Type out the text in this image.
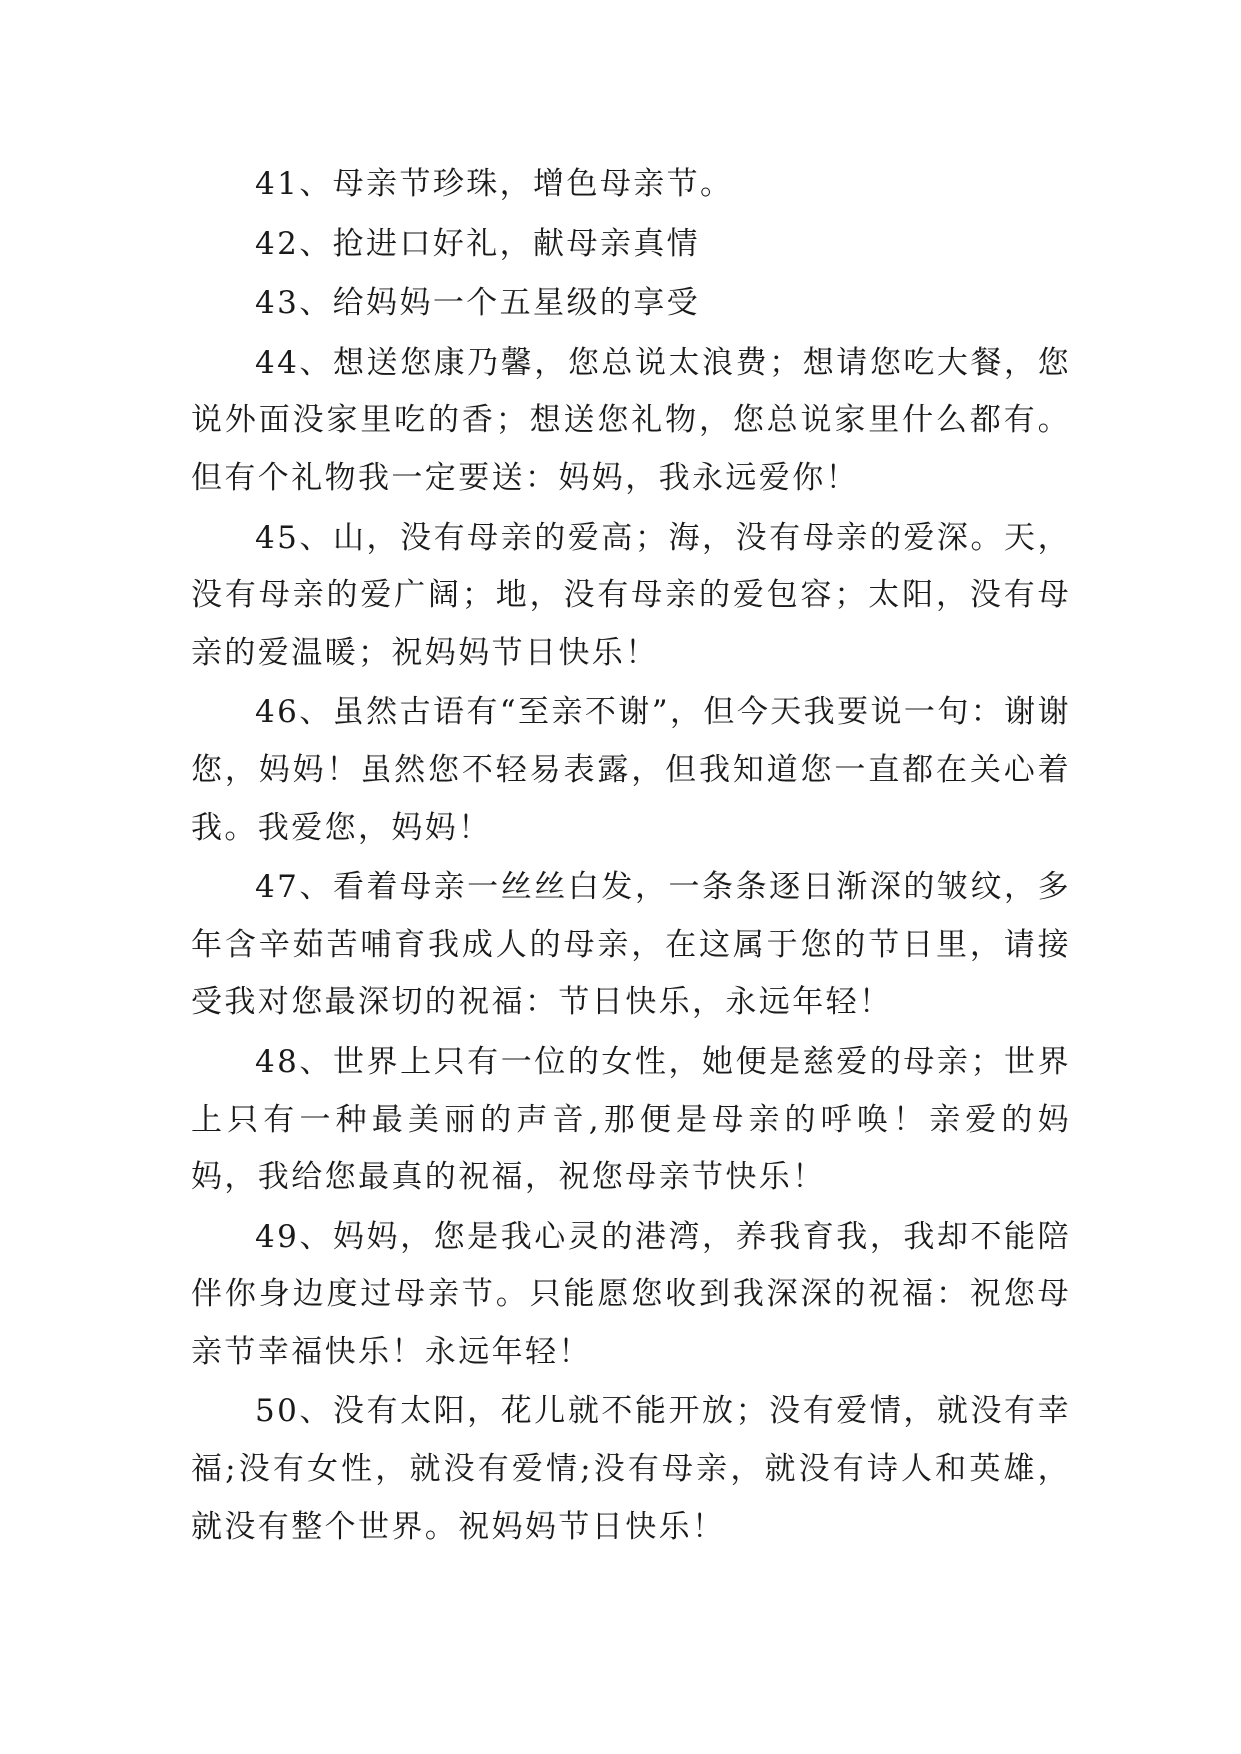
41、母亲节珍珠，增色母亲节。

42、抢进口好礼，献母亲真情

43、给妈妈一个五星级的享受

44、想送您康乃馨，您总说太浪费；想请您吃大餐，您说外面没家里吃的香；想送您礼物，您总说家里什么都有。但有个礼物我一定要送：妈妈，我永远爱你！

45、山，没有母亲的爱高；海，没有母亲的爱深。天，没有母亲的爱广阔；地，没有母亲的爱包容；太阳，没有母亲的爱温暖；祝妈妈节日快乐！

46、虽然古语有“至亲不谢”，但今天我要说一句：谢谢您，妈妈！虽然您不轻易表露，但我知道您一直都在关心着我。我爱您，妈妈！

47、看着母亲一丝丝白发，一条条逐日渐深的皱纹，多年含辛茹苦哺育我成人的母亲，在这属于您的节日里，请接受我对您最深切的祝福：节日快乐，永远年轻！

48、世界上只有一位的女性，她便是慈爱的母亲；世界上只有一种最美丽的声音,那便是母亲的呼唤！亲爱的妈妈，我给您最真的祝福，祝您母亲节快乐！

49、妈妈，您是我心灵的港湾，养我育我，我却不能陪伴你身边度过母亲节。只能愿您收到我深深的祝福：祝您母亲节幸福快乐！永远年轻！

50、没有太阳，花儿就不能开放；没有爱情，就没有幸福;没有女性，就没有爱情;没有母亲，就没有诗人和英雄，就没有整个世界。祝妈妈节日快乐！
